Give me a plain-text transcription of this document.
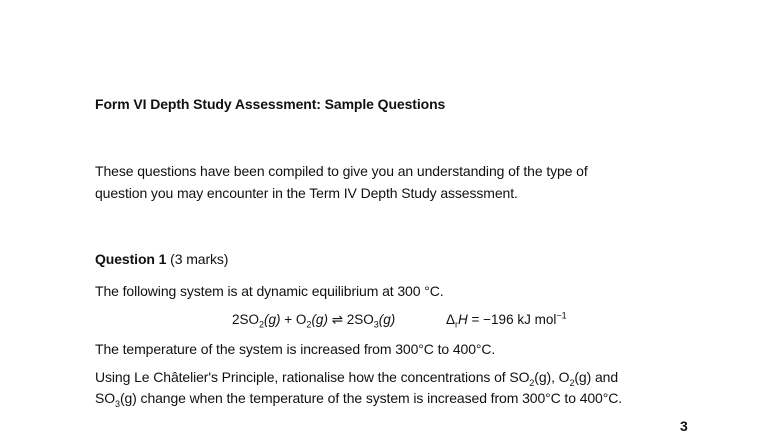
Form VI Depth Study Assessment: Sample Questions
These questions have been compiled to give you an understanding of the type of
question you may encounter in the Term IV Depth Study assessment.
Question 1 (3 marks)
The following system is at dynamic equilibrium at 300 °C.
$2SO_2(g) + O_2(g)$ ⇌ $2SO_3(g)$	$\Delta_rH = -196$ kJ mol$^{-1}$
The temperature of the system is increased from 300°C to 400°C.
Using Le Châtelier's Principle, rationalise how the concentrations of $SO_2(g)$, $O_2(g)$ and
$SO_3(g)$ change when the temperature of the system is increased from 300°C to 400°C.
3
